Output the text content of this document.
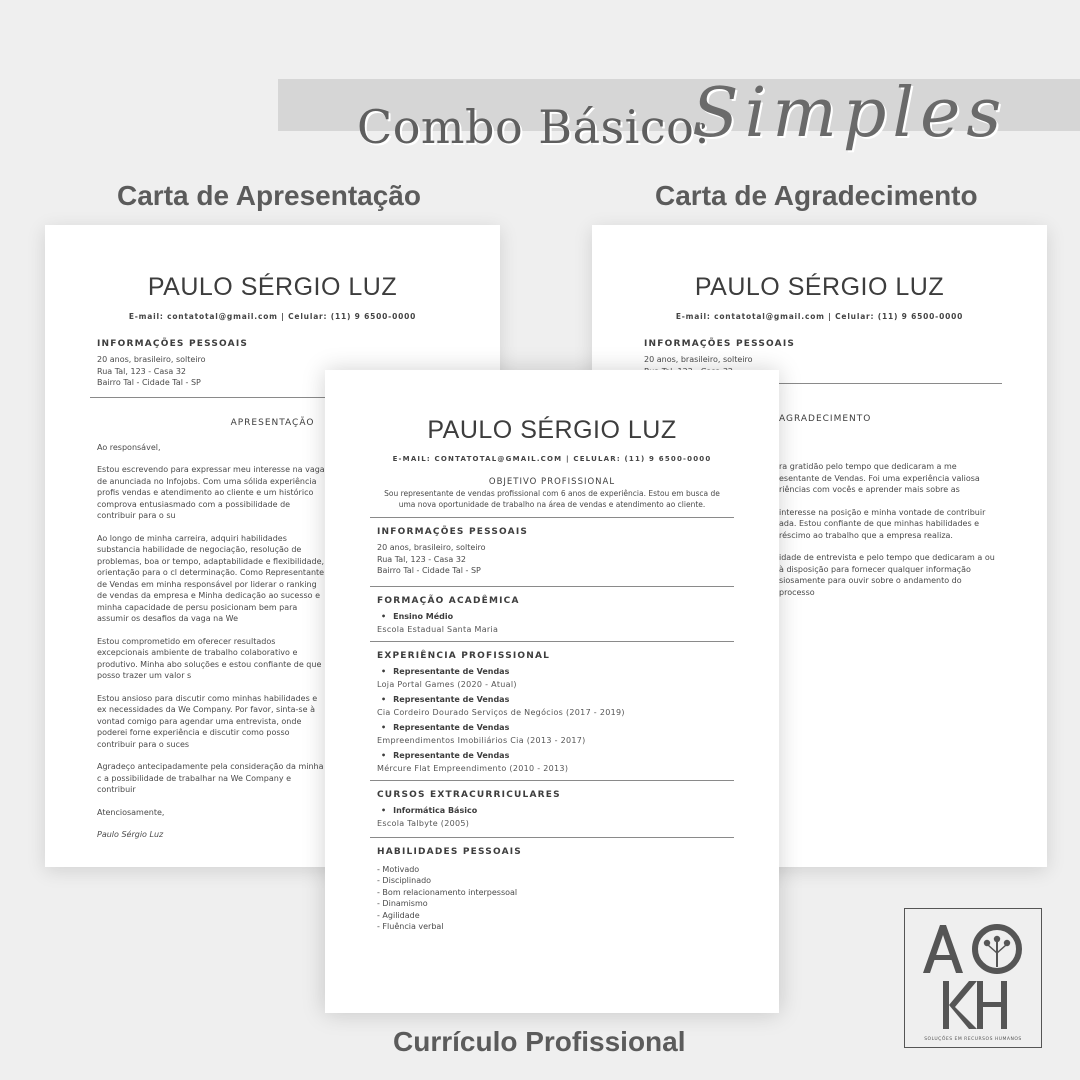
Combo Básico:
Simples
Carta de Apresentação	Carta de Agradecimento
Currículo Profissional
PAULO SÉRGIO LUZ
E-mail: contatotal@gmail.com | Celular: (11) 9 6500-0000
INFORMAÇÕES PESSOAIS
20 anos, brasileiro, solteiro
Rua Tal, 123 - Casa 32
Bairro Tal - Cidade Tal - SP
APRESENTAÇÃO
Ao responsável,
Estou escrevendo para expressar meu interesse na vaga de anunciada no Infojobs. Com uma sólida experiência profis vendas e atendimento ao cliente e um histórico comprova entusiasmado com a possibilidade de contribuir para o su
Ao longo de minha carreira, adquiri habilidades substancia habilidade de negociação, resolução de problemas, boa or tempo, adaptabilidade e flexibilidade, orientação para o cl determinação. Como Representante de Vendas em minha responsável por liderar o ranking de vendas da empresa e Minha dedicação ao sucesso e minha capacidade de persu posicionam bem para assumir os desafios da vaga na We
Estou comprometido em oferecer resultados excepcionais ambiente de trabalho colaborativo e produtivo. Minha abo soluções e estou confiante de que posso trazer um valor s
Estou ansioso para discutir como minhas habilidades e ex necessidades da We Company. Por favor, sinta-se à vontad comigo para agendar uma entrevista, onde poderei forne experiência e discutir como posso contribuir para o suces
Agradeço antecipadamente pela consideração da minha c a possibilidade de trabalhar na We Company e contribuir
Atenciosamente,
Paulo Sérgio Luz
PAULO SÉRGIO LUZ
E-mail: contatotal@gmail.com | Celular: (11) 9 6500-0000
INFORMAÇÕES PESSOAIS
20 anos, brasileiro, solteiro
AGRADECIMENTO
ra gratidão pelo tempo que dedicaram a me esentante de Vendas. Foi uma experiência valiosa riências com vocês e aprender mais sobre as
interesse na posição e minha vontade de contribuir ada. Estou confiante de que minhas habilidades e réscimo ao trabalho que a empresa realiza.
idade de entrevista e pelo tempo que dedicaram a ou à disposição para fornecer qualquer informação siosamente para ouvir sobre o andamento do processo
PAULO SÉRGIO LUZ
E-MAIL: CONTATOTAL@GMAIL.COM | CELULAR: (11) 9 6500-0000
OBJETIVO PROFISSIONAL
Sou representante de vendas profissional com 6 anos de experiência. Estou em busca de uma nova oportunidade de trabalho na área de vendas e atendimento ao cliente.
INFORMAÇÕES PESSOAIS
20 anos, brasileiro, solteiro
Rua Tal, 123 - Casa 32
Bairro Tal - Cidade Tal - SP
FORMAÇÃO ACADÊMICA
• Ensino Médio
Escola Estadual Santa Maria
EXPERIÊNCIA PROFISSIONAL
• Representante de Vendas
Loja Portal Games (2020 - Atual)
• Representante de Vendas
Cia Cordeiro Dourado Serviços de Negócios (2017 - 2019)
• Representante de Vendas
Empreendimentos Imobiliários Cia (2013 - 2017)
• Representante de Vendas
Mércure Flat Empreendimento (2010 - 2013)
CURSOS EXTRACURRICULARES
• Informática Básico
Escola Talbyte (2005)
HABILIDADES PESSOAIS
- Motivado
- Disciplinado
- Bom relacionamento interpessoal
- Dinamismo
- Agilidade
- Fluência verbal
SOLUÇÕES EM RECURSOS HUMANOS
